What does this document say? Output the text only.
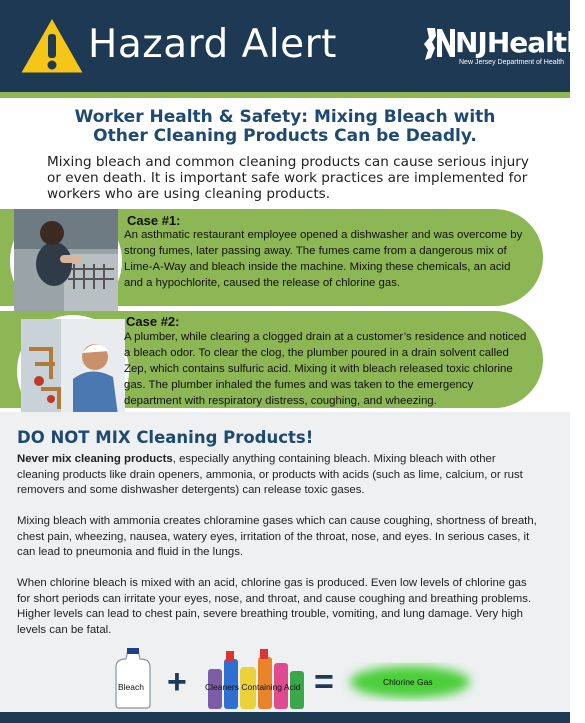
Hazard Alert	NJHealth
New Jersey Department of Health
Worker Health & Safety: Mixing Bleach with
Other Cleaning Products Can be Deadly.
Mixing bleach and common cleaning products can cause serious injury or even death. It is important safe work practices are implemented for workers who are using cleaning products.
Case #1:
An asthmatic restaurant employee opened a dishwasher and was overcome by strong fumes, later passing away. The fumes came from a dangerous mix of Lime-A-Way and bleach inside the machine. Mixing these chemicals, an acid and a hypochlorite, caused the release of chlorine gas.
Case #2:
A plumber, while clearing a clogged drain at a customer’s residence and noticed a bleach odor. To clear the clog, the plumber poured in a drain solvent called Zep, which contains sulfuric acid. Mixing it with bleach released toxic chlorine gas. The plumber inhaled the fumes and was taken to the emergency department with respiratory distress, coughing, and wheezing.
DO NOT MIX Cleaning Products!
Never mix cleaning products, especially anything containing bleach. Mixing bleach with other cleaning products like drain openers, ammonia, or products with acids (such as lime, calcium, or rust removers and some dishwasher detergents) can release toxic gases.
Mixing bleach with ammonia creates chloramine gases which can cause coughing, shortness of breath, chest pain, wheezing, nausea, watery eyes, irritation of the throat, nose, and eyes. In serious cases, it can lead to pneumonia and fluid in the lungs.
When chlorine bleach is mixed with an acid, chlorine gas is produced. Even low levels of chlorine gas for short periods can irritate your eyes, nose, and throat, and cause coughing and breathing problems. Higher levels can lead to chest pain, severe breathing trouble, vomiting, and lung damage. Very high levels can be fatal.
Bleach + Cleaners Containing Acid =	Chlorine Gas
